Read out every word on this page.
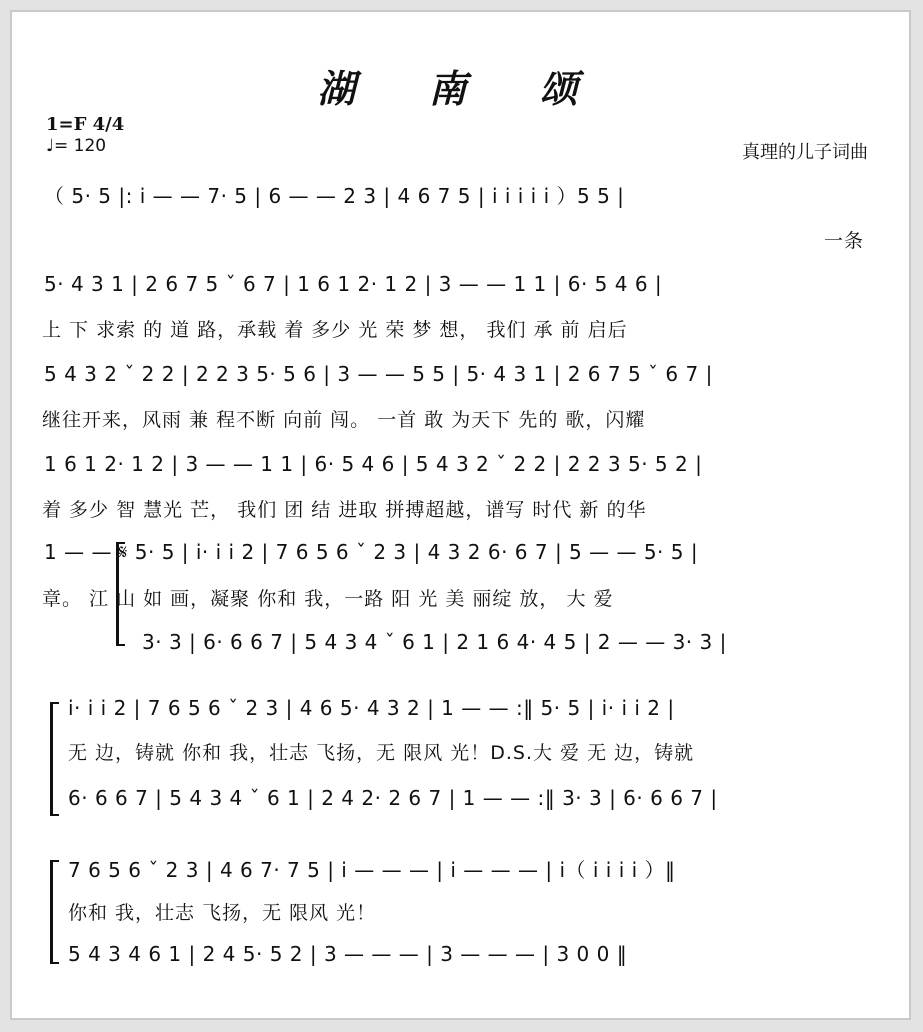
湖 南 颂
1=F 4/4
♩= 120	真理的儿子词曲
（ 5· 5 |: i — — 7· 5 | 6 — — 2 3 | 4 6 7 5 | i i i i i ）5 5 |
一条
5· 4 3 1 | 2 6 7 5 ˇ 6 7 | 1 6 1 2· 1 2 | 3 — — 1 1 | 6· 5 4 6 |
上 下 求索 的 道 路，承载 着 多少 光 荣 梦 想， 我们 承 前 启后
5 4 3 2 ˇ 2 2 | 2 2 3 5· 5 6 | 3 — — 5 5 | 5· 4 3 1 | 2 6 7 5 ˇ 6 7 |
继往开来，风雨 兼 程不断 向前 闯。 一首 敢 为天下 先的 歌，闪耀
1 6 1 2· 1 2 | 3 — — 1 1 | 6· 5 4 6 | 5 4 3 2 ˇ 2 2 | 2 2 3 5· 5 2 |
着 多少 智 慧光 芒， 我们 团 结 进取 拼搏超越，谱写 时代 新 的华
1 — — 𝄋 5· 5 | i· i i 2 | 7 6 5 6 ˇ 2 3 | 4 3 2 6· 6 7 | 5 — — 5· 5 |
章。 江 山 如 画，凝聚 你和 我，一路 阳 光 美 丽绽 放， 大 爱
3· 3 | 6· 6 6 7 | 5 4 3 4 ˇ 6 1 | 2 1 6 4· 4 5 | 2 — — 3· 3 |
i· i i 2 | 7 6 5 6 ˇ 2 3 | 4 6 5· 4 3 2 | 1 — — :‖ 5· 5 | i· i i 2 |
无 边，铸就 你和 我，壮志 飞扬，无 限风 光！D.S.大 爱 无 边，铸就
6· 6 6 7 | 5 4 3 4 ˇ 6 1 | 2 4 2· 2 6 7 | 1 — — :‖ 3· 3 | 6· 6 6 7 |
7 6 5 6 ˇ 2 3 | 4 6 7· 7 5 | i — — — | i — — — | i（ i i i i ）‖
你和 我，壮志 飞扬，无 限风 光！
5 4 3 4 6 1 | 2 4 5· 5 2 | 3 — — — | 3 — — — | 3 0 0 ‖
